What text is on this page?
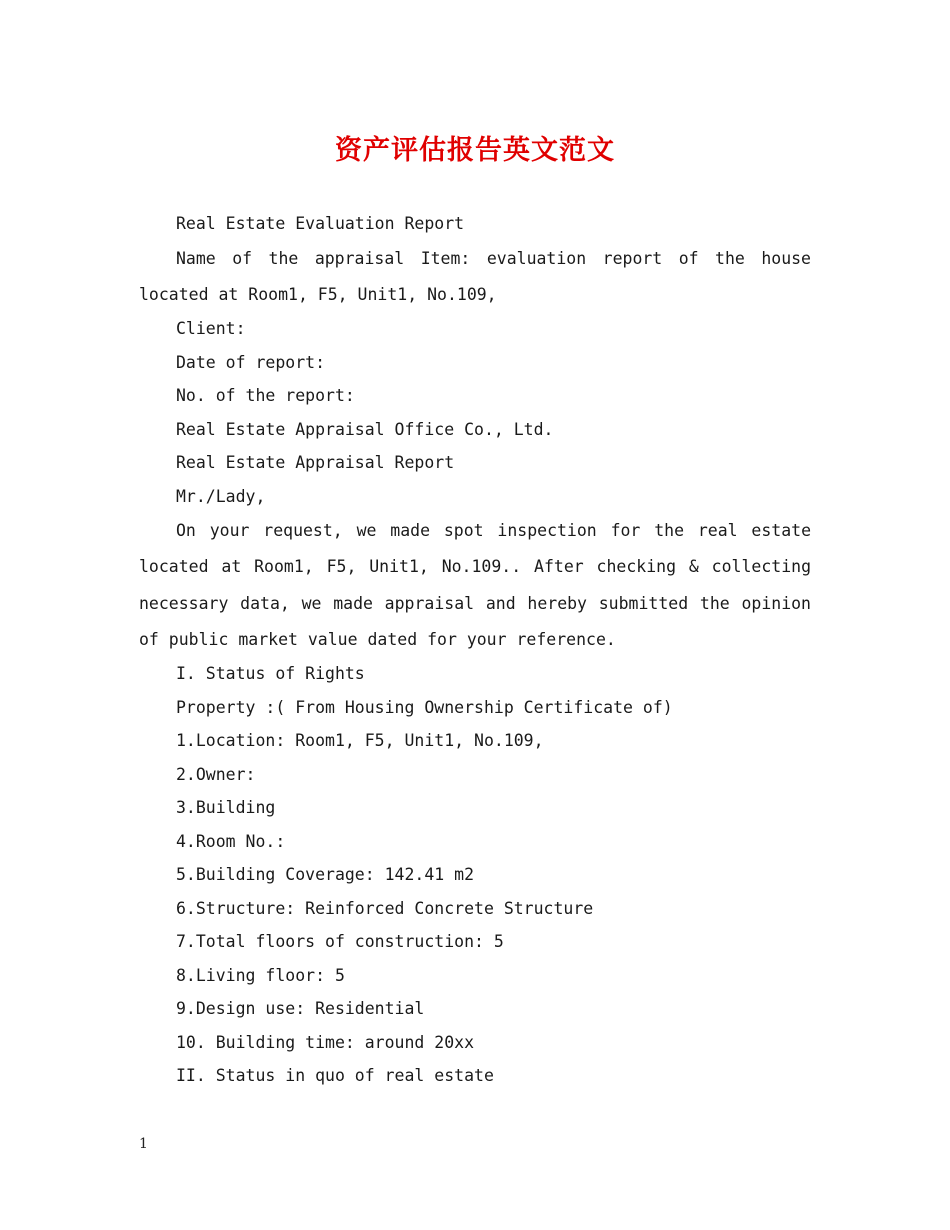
资产评估报告英文范文

Real Estate Evaluation Report

Name of the appraisal Item: evaluation report of the house located at Room1, F5, Unit1, No.109,

Client:

Date of report:

No. of the report:

Real Estate Appraisal Office Co., Ltd.

Real Estate Appraisal Report

Mr./Lady,

On your request, we made spot inspection for the real estate located at Room1, F5, Unit1, No.109.. After checking & collecting necessary data, we made appraisal and hereby submitted the opinion of public market value dated for your reference.

I. Status of Rights

Property :( From Housing Ownership Certificate of)

1.Location: Room1, F5, Unit1, No.109,

2.Owner:

3.Building

4.Room No.:

5.Building Coverage: 142.41 m2

6.Structure: Reinforced Concrete Structure

7.Total floors of construction: 5

8.Living floor: 5

9.Design use: Residential

10. Building time: around 20xx

II. Status in quo of real estate

1
